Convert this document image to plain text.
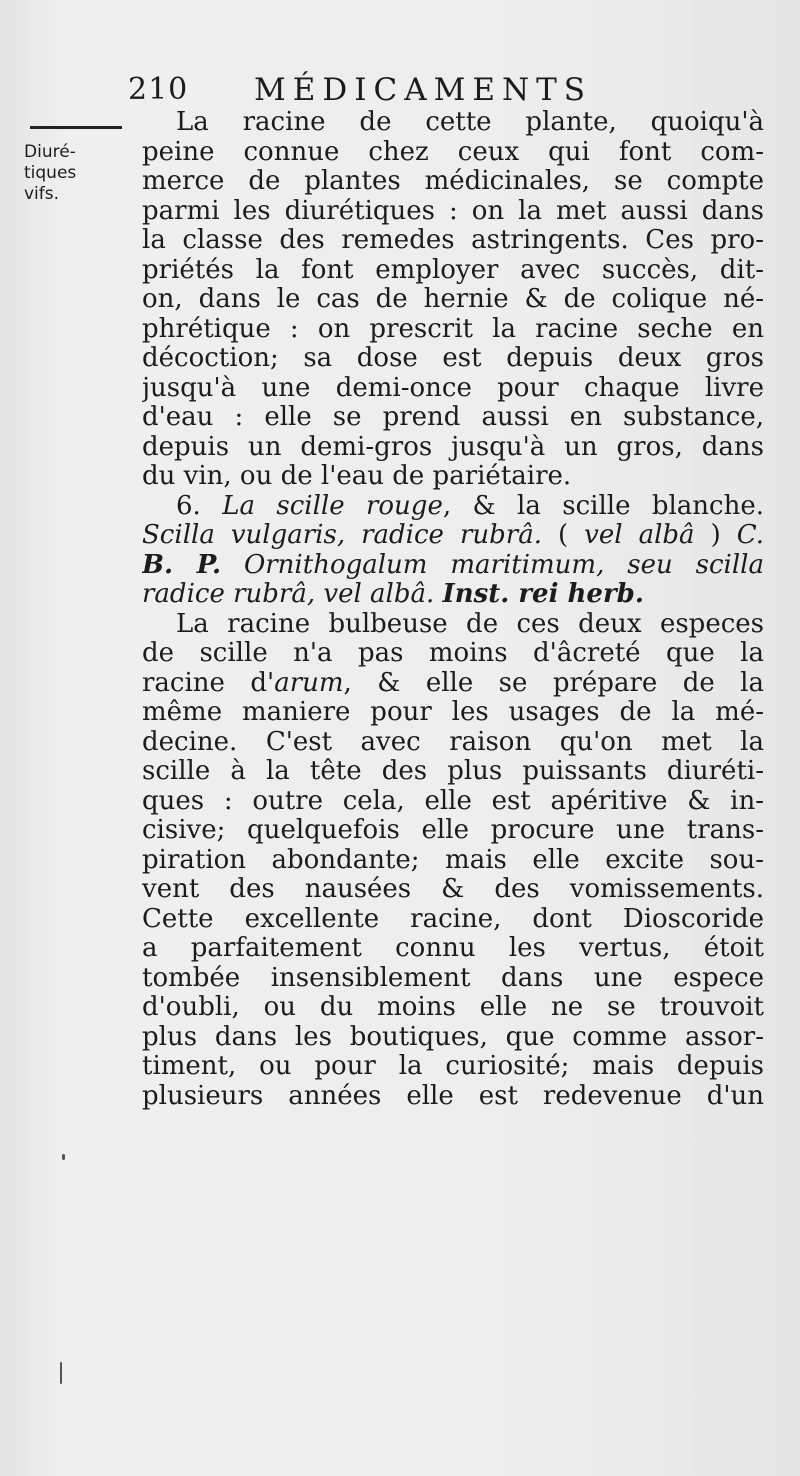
210 MÉDICAMENTS
Diuré-
tiques
vifs.
La racine de cette plante, quoiqu'à
peine connue chez ceux qui font com-
merce de plantes médicinales, se compte
parmi les diurétiques : on la met aussi dans
la classe des remedes astringents. Ces pro-
priétés la font employer avec succès, dit-
on, dans le cas de hernie & de colique né-
phrétique : on prescrit la racine seche en
décoction; sa dose est depuis deux gros
jusqu'à une demi-once pour chaque livre
d'eau : elle se prend aussi en substance,
depuis un demi-gros jusqu'à un gros, dans
du vin, ou de l'eau de pariétaire.
6. La scille rouge, & la scille blanche.
Scilla vulgaris, radice rubrâ. ( vel albâ ) C.
B. P. Ornithogalum maritimum, seu scilla
radice rubrâ, vel albâ. Inst. rei herb.
La racine bulbeuse de ces deux especes
de scille n'a pas moins d'âcreté que la
racine d'arum, & elle se prépare de la
même maniere pour les usages de la mé-
decine. C'est avec raison qu'on met la
scille à la tête des plus puissants diuréti-
ques : outre cela, elle est apéritive & in-
cisive; quelquefois elle procure une trans-
piration abondante; mais elle excite sou-
vent des nausées & des vomissements.
Cette excellente racine, dont Dioscoride
a parfaitement connu les vertus, étoit
tombée insensiblement dans une espece
d'oubli, ou du moins elle ne se trouvoit
plus dans les boutiques, que comme assor-
timent, ou pour la curiosité; mais depuis
plusieurs années elle est redevenue d'un
